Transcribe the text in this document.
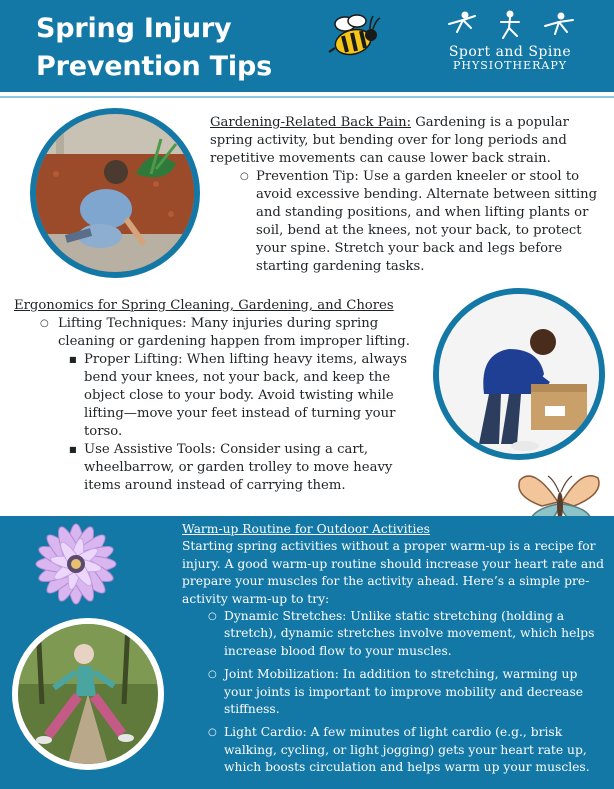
Spring Injury
Prevention Tips	Sport and Spine
PHYSIOTHERAPY

Gardening-Related Back Pain: Gardening is a popular spring activity, but bending over for long periods and repetitive movements can cause lower back strain.

○ Prevention Tip: Use a garden kneeler or stool to avoid excessive bending. Alternate between sitting and standing positions, and when lifting plants or soil, bend at the knees, not your back, to protect your spine. Stretch your back and legs before starting gardening tasks.

Ergonomics for Spring Cleaning, Gardening, and Chores

○ Lifting Techniques: Many injuries during spring cleaning or gardening happen from improper lifting.
■ Proper Lifting: When lifting heavy items, always bend your knees, not your back, and keep the object close to your body. Avoid twisting while lifting—move your feet instead of turning your torso.
■ Use Assistive Tools: Consider using a cart, wheelbarrow, or garden trolley to move heavy items around instead of carrying them.

Warm-up Routine for Outdoor Activities

Starting spring activities without a proper warm-up is a recipe for injury. A good warm-up routine should increase your heart rate and prepare your muscles for the activity ahead. Here’s a simple pre-activity warm-up to try:

○ Dynamic Stretches: Unlike static stretching (holding a stretch), dynamic stretches involve movement, which helps increase blood flow to your muscles.
○ Joint Mobilization: In addition to stretching, warming up your joints is important to improve mobility and decrease stiffness.
○ Light Cardio: A few minutes of light cardio (e.g., brisk walking, cycling, or light jogging) gets your heart rate up, which boosts circulation and helps warm up your muscles.
